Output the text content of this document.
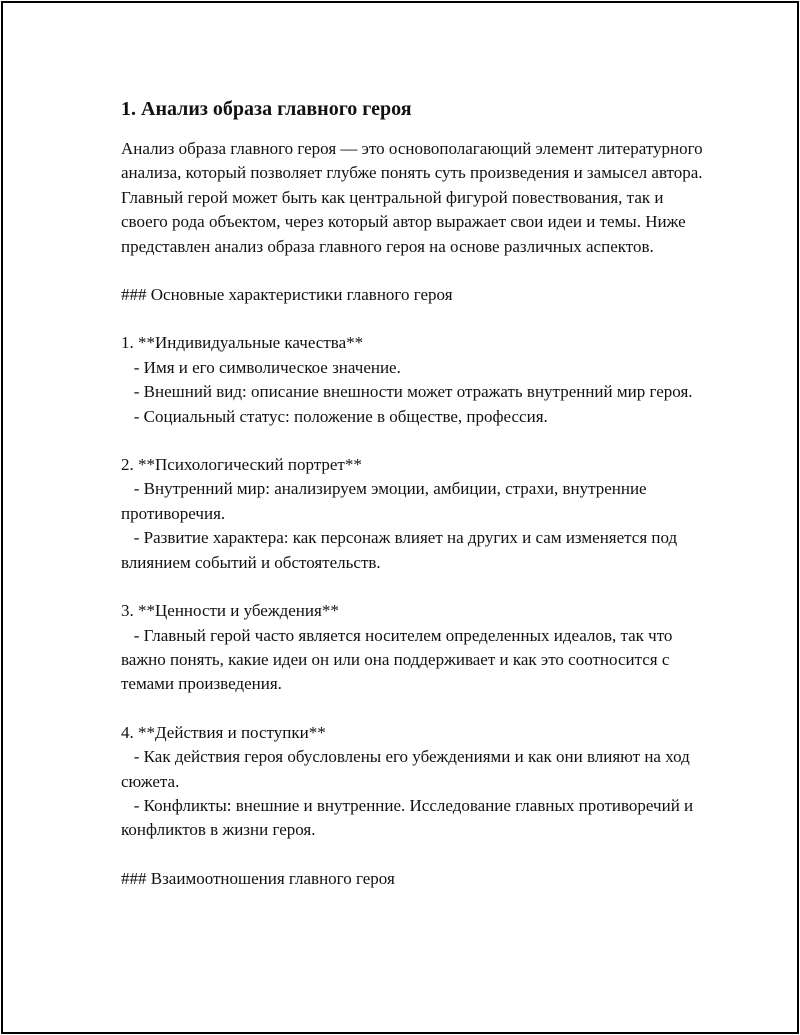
1. Анализ образа главного героя

Анализ образа главного героя — это основополагающий элемент литературного анализа, который позволяет глубже понять суть произведения и замысел автора. Главный герой может быть как центральной фигурой повествования, так и своего рода объектом, через который автор выражает свои идеи и темы. Ниже представлен анализ образа главного героя на основе различных аспектов.

### Основные характеристики главного героя

1. **Индивидуальные качества**
- Имя и его символическое значение.
- Внешний вид: описание внешности может отражать внутренний мир героя.
- Социальный статус: положение в обществе, профессия.
2. **Психологический портрет**
- Внутренний мир: анализируем эмоции, амбиции, страхи, внутренние противоречия.
- Развитие характера: как персонаж влияет на других и сам изменяется под влиянием событий и обстоятельств.
3. **Ценности и убеждения**
- Главный герой часто является носителем определенных идеалов, так что важно понять, какие идеи он или она поддерживает и как это соотносится с темами произведения.
4. **Действия и поступки**
- Как действия героя обусловлены его убеждениями и как они влияют на ход сюжета.
- Конфликты: внешние и внутренние. Исследование главных противоречий и конфликтов в жизни героя.

### Взаимоотношения главного героя
